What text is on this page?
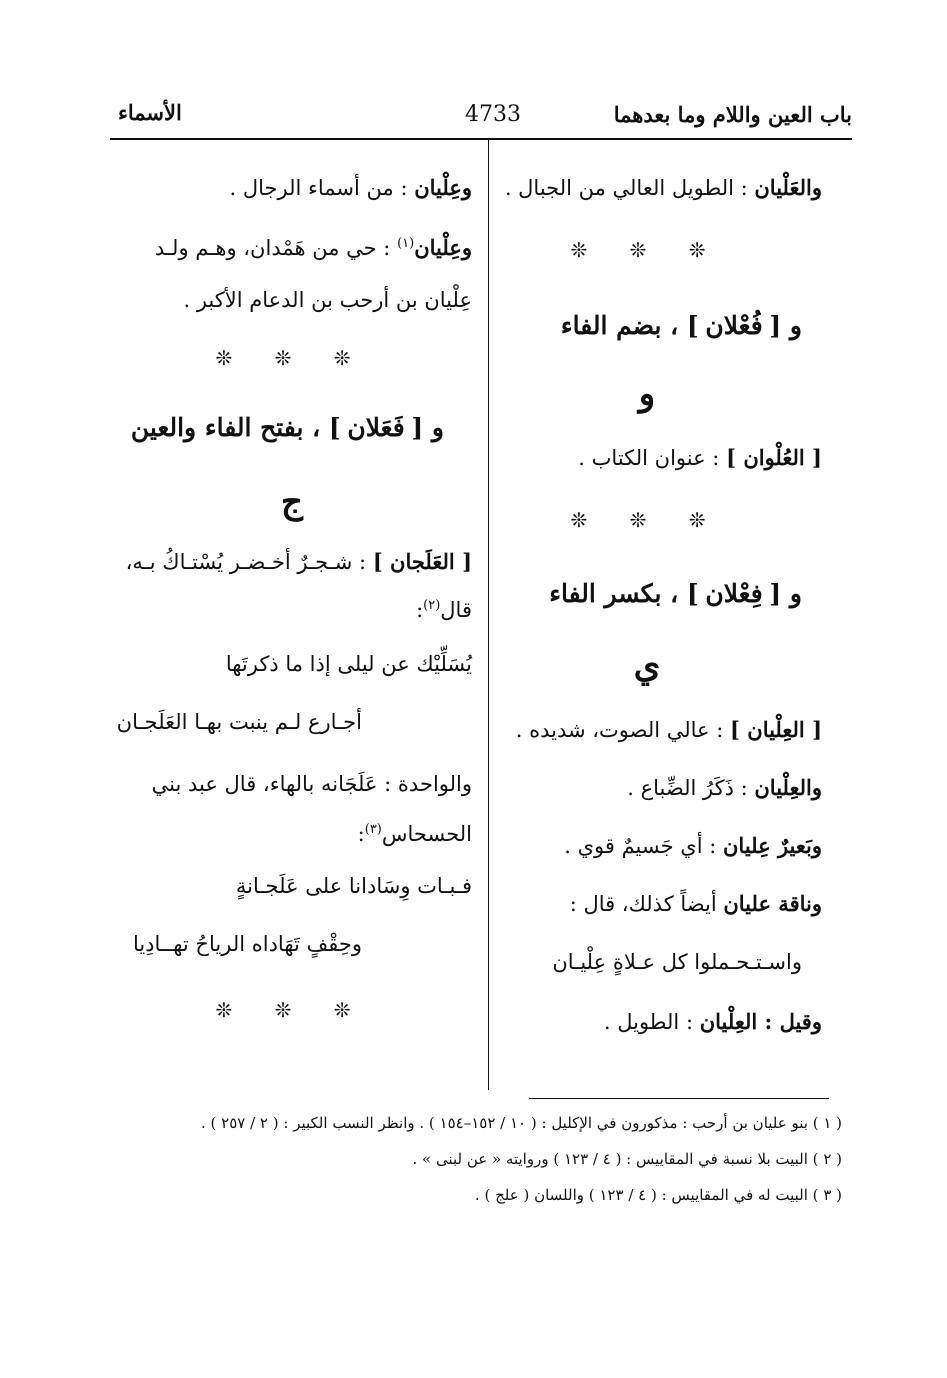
باب العين واللام وما بعدهما
4733
الأسماء
والعَلْيان : الطويل العالي من الجبال .
❊ ❊ ❊
و [ فُعْلان ] ، بضم الفاء
و
[ العُلْوان ] : عنوان الكتاب .
❊ ❊ ❊
و [ فِعْلان ] ، بكسر الفاء
ي
[ العِلْيان ] : عالي الصوت، شديده .
والعِلْيان : ذَكَرُ الضِّباع .
وبَعيرٌ عِليان : أي جَسيمٌ قوي .
وناقة عليان أيضاً كذلك، قال :
واسـتـحـملوا كل عـلاةٍ عِلْيـان
وقيل : العِلْيان : الطويل .
وعِلْيان : من أسماء الرجال .
وعِلْيان$^{(١)}$ : حي من هَمْدان، وهـم ولـد
عِلْيان بن أرحب بن الدعام الأكبر .
❊ ❊ ❊
و [ فَعَلان ] ، بفتح الفاء والعين
ج
[ العَلَجان ] : شـجـرٌ أخـضـر يُسْتـاكُ بـه،
قال$^{(٢)}$:
يُسَلِّيْك عن ليلى إذا ما ذكرتَها
أجـارع لـم ينبت بهـا العَلَجـان
والواحدة : عَلَجَانه بالهاء، قال عبد بني
الحسحاس$^{(٣)}$:
فـبـات وِسَادانا على عَلَجـانةٍ
وحِقْفٍ تَهَاداه الرياحُ تهــادِيا
❊ ❊ ❊
( ١ ) بنو عليان بن أرحب : مذكورون في الإكليل : ( ١٠ / ١٥٢–١٥٤ ) . وانظر النسب الكبير : ( ٢ / ٢٥٧ ) .
( ٢ ) البيت بلا نسبة في المقاييس : ( ٤ / ١٢٣ ) وروايته « عن لبنى » .
( ٣ ) البيت له في المقاييس : ( ٤ / ١٢٣ ) واللسان ( علج ) .
